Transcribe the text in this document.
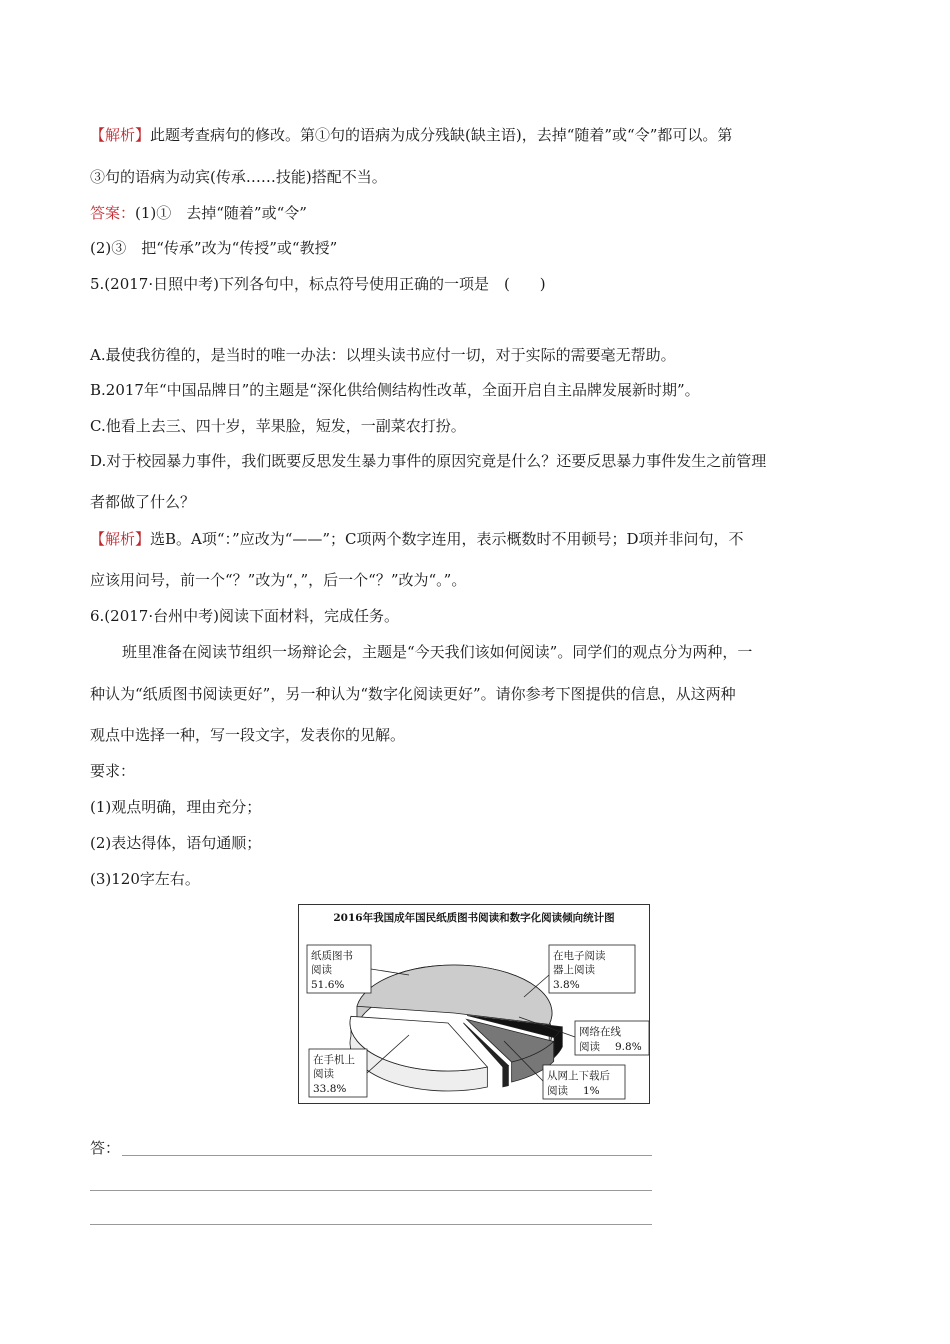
【解析】此题考查病句的修改。第①句的语病为成分残缺(缺主语)，去掉“随着”或“令”都可以。第
③句的语病为动宾(传承……技能)搭配不当。
答案：(1)①　去掉“随着”或“令”
(2)③　把“传承”改为“传授”或“教授”
5.(2017·日照中考)下列各句中，标点符号使用正确的一项是　(　　)
A.最使我彷徨的，是当时的唯一办法：以埋头读书应付一切，对于实际的需要毫无帮助。
B.2017年“中国品牌日”的主题是“深化供给侧结构性改革，全面开启自主品牌发展新时期”。
C.他看上去三、四十岁，苹果脸，短发，一副菜农打扮。
D.对于校园暴力事件，我们既要反思发生暴力事件的原因究竟是什么？还要反思暴力事件发生之前管理
者都做了什么？
【解析】选B。A项“：”应改为“——”；C项两个数字连用，表示概数时不用顿号；D项并非问句，不
应该用问号，前一个“？”改为“，”，后一个“？”改为“。”。
6.(2017·台州中考)阅读下面材料，完成任务。
班里准备在阅读节组织一场辩论会，主题是“今天我们该如何阅读”。同学们的观点分为两种，一
种认为“纸质图书阅读更好”，另一种认为“数字化阅读更好”。请你参考下图提供的信息，从这两种
观点中选择一种，写一段文字，发表你的见解。
要求：
(1)观点明确，理由充分；
(2)表达得体，语句通顺；
(3)120字左右。
2016年我国成年国民纸质图书阅读和数字化阅读倾向统计图
纸质图书
阅读
51.6%
在电子阅读
器上阅读
3.8%
网络在线
阅读 9.8%
从网上下载后
阅读 1%
在手机上
阅读
33.8%
答：
